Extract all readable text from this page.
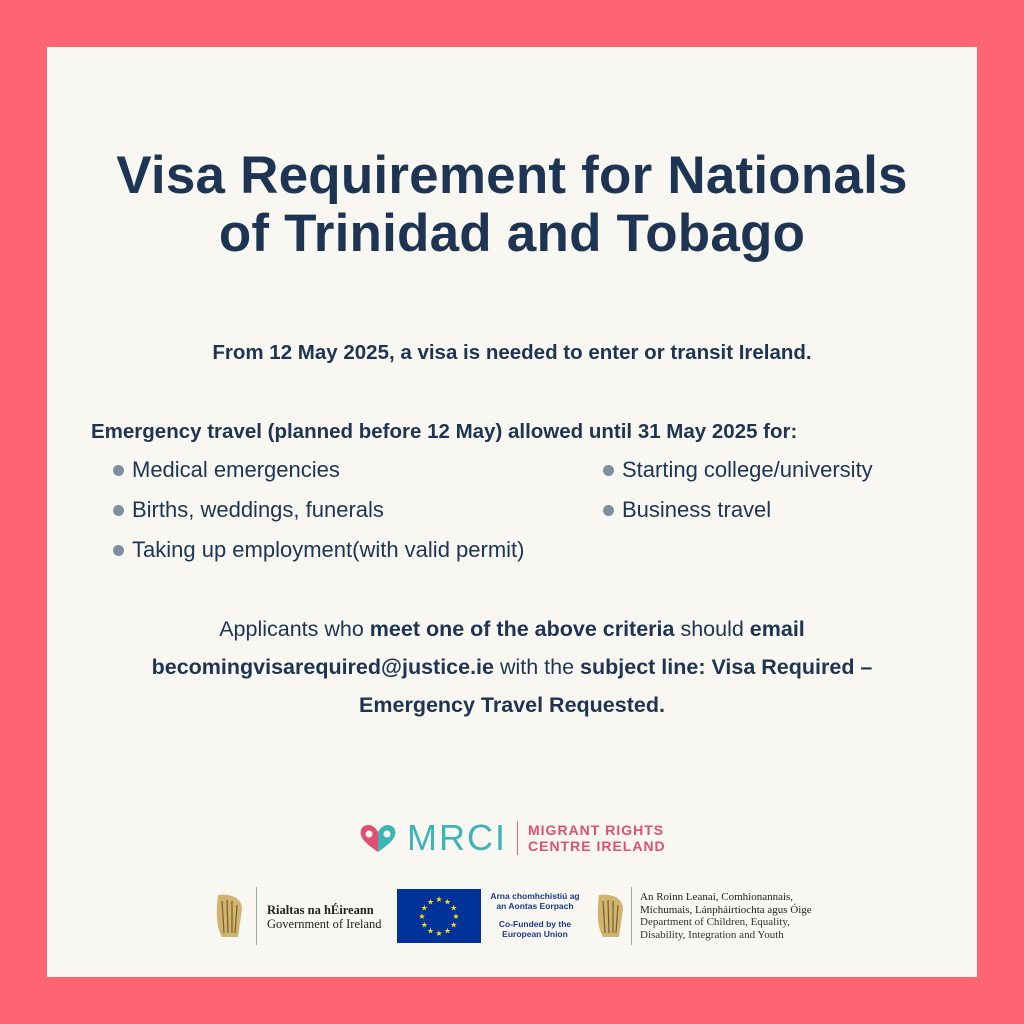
Visa Requirement for Nationals
of Trinidad and Tobago

From 12 May 2025, a visa is needed to enter or transit Ireland.

Emergency travel (planned before 12 May) allowed until 31 May 2025 for:

Medical emergencies
Births, weddings, funerals
Taking up employment(with valid permit)
Starting college/university
Business travel

Applicants who meet one of the above criteria should email
becomingvisarequired@justice.ie with the subject line: Visa Required –
Emergency Travel Requested.

MRCI MIGRANT RIGHTS
CENTRE IRELAND
Rialtas na hÉireann
Government of Ireland
★ ★
★
★
★
★
★
★
★
★
★
★
Arna chomhchistiú ag
an Aontas Eorpach
Co-Funded by the
European Union
An Roinn Leanaí, Comhionannais,
Míchumais, Lánpháirtíochta agus Óige
Department of Children, Equality,
Disability, Integration and Youth
